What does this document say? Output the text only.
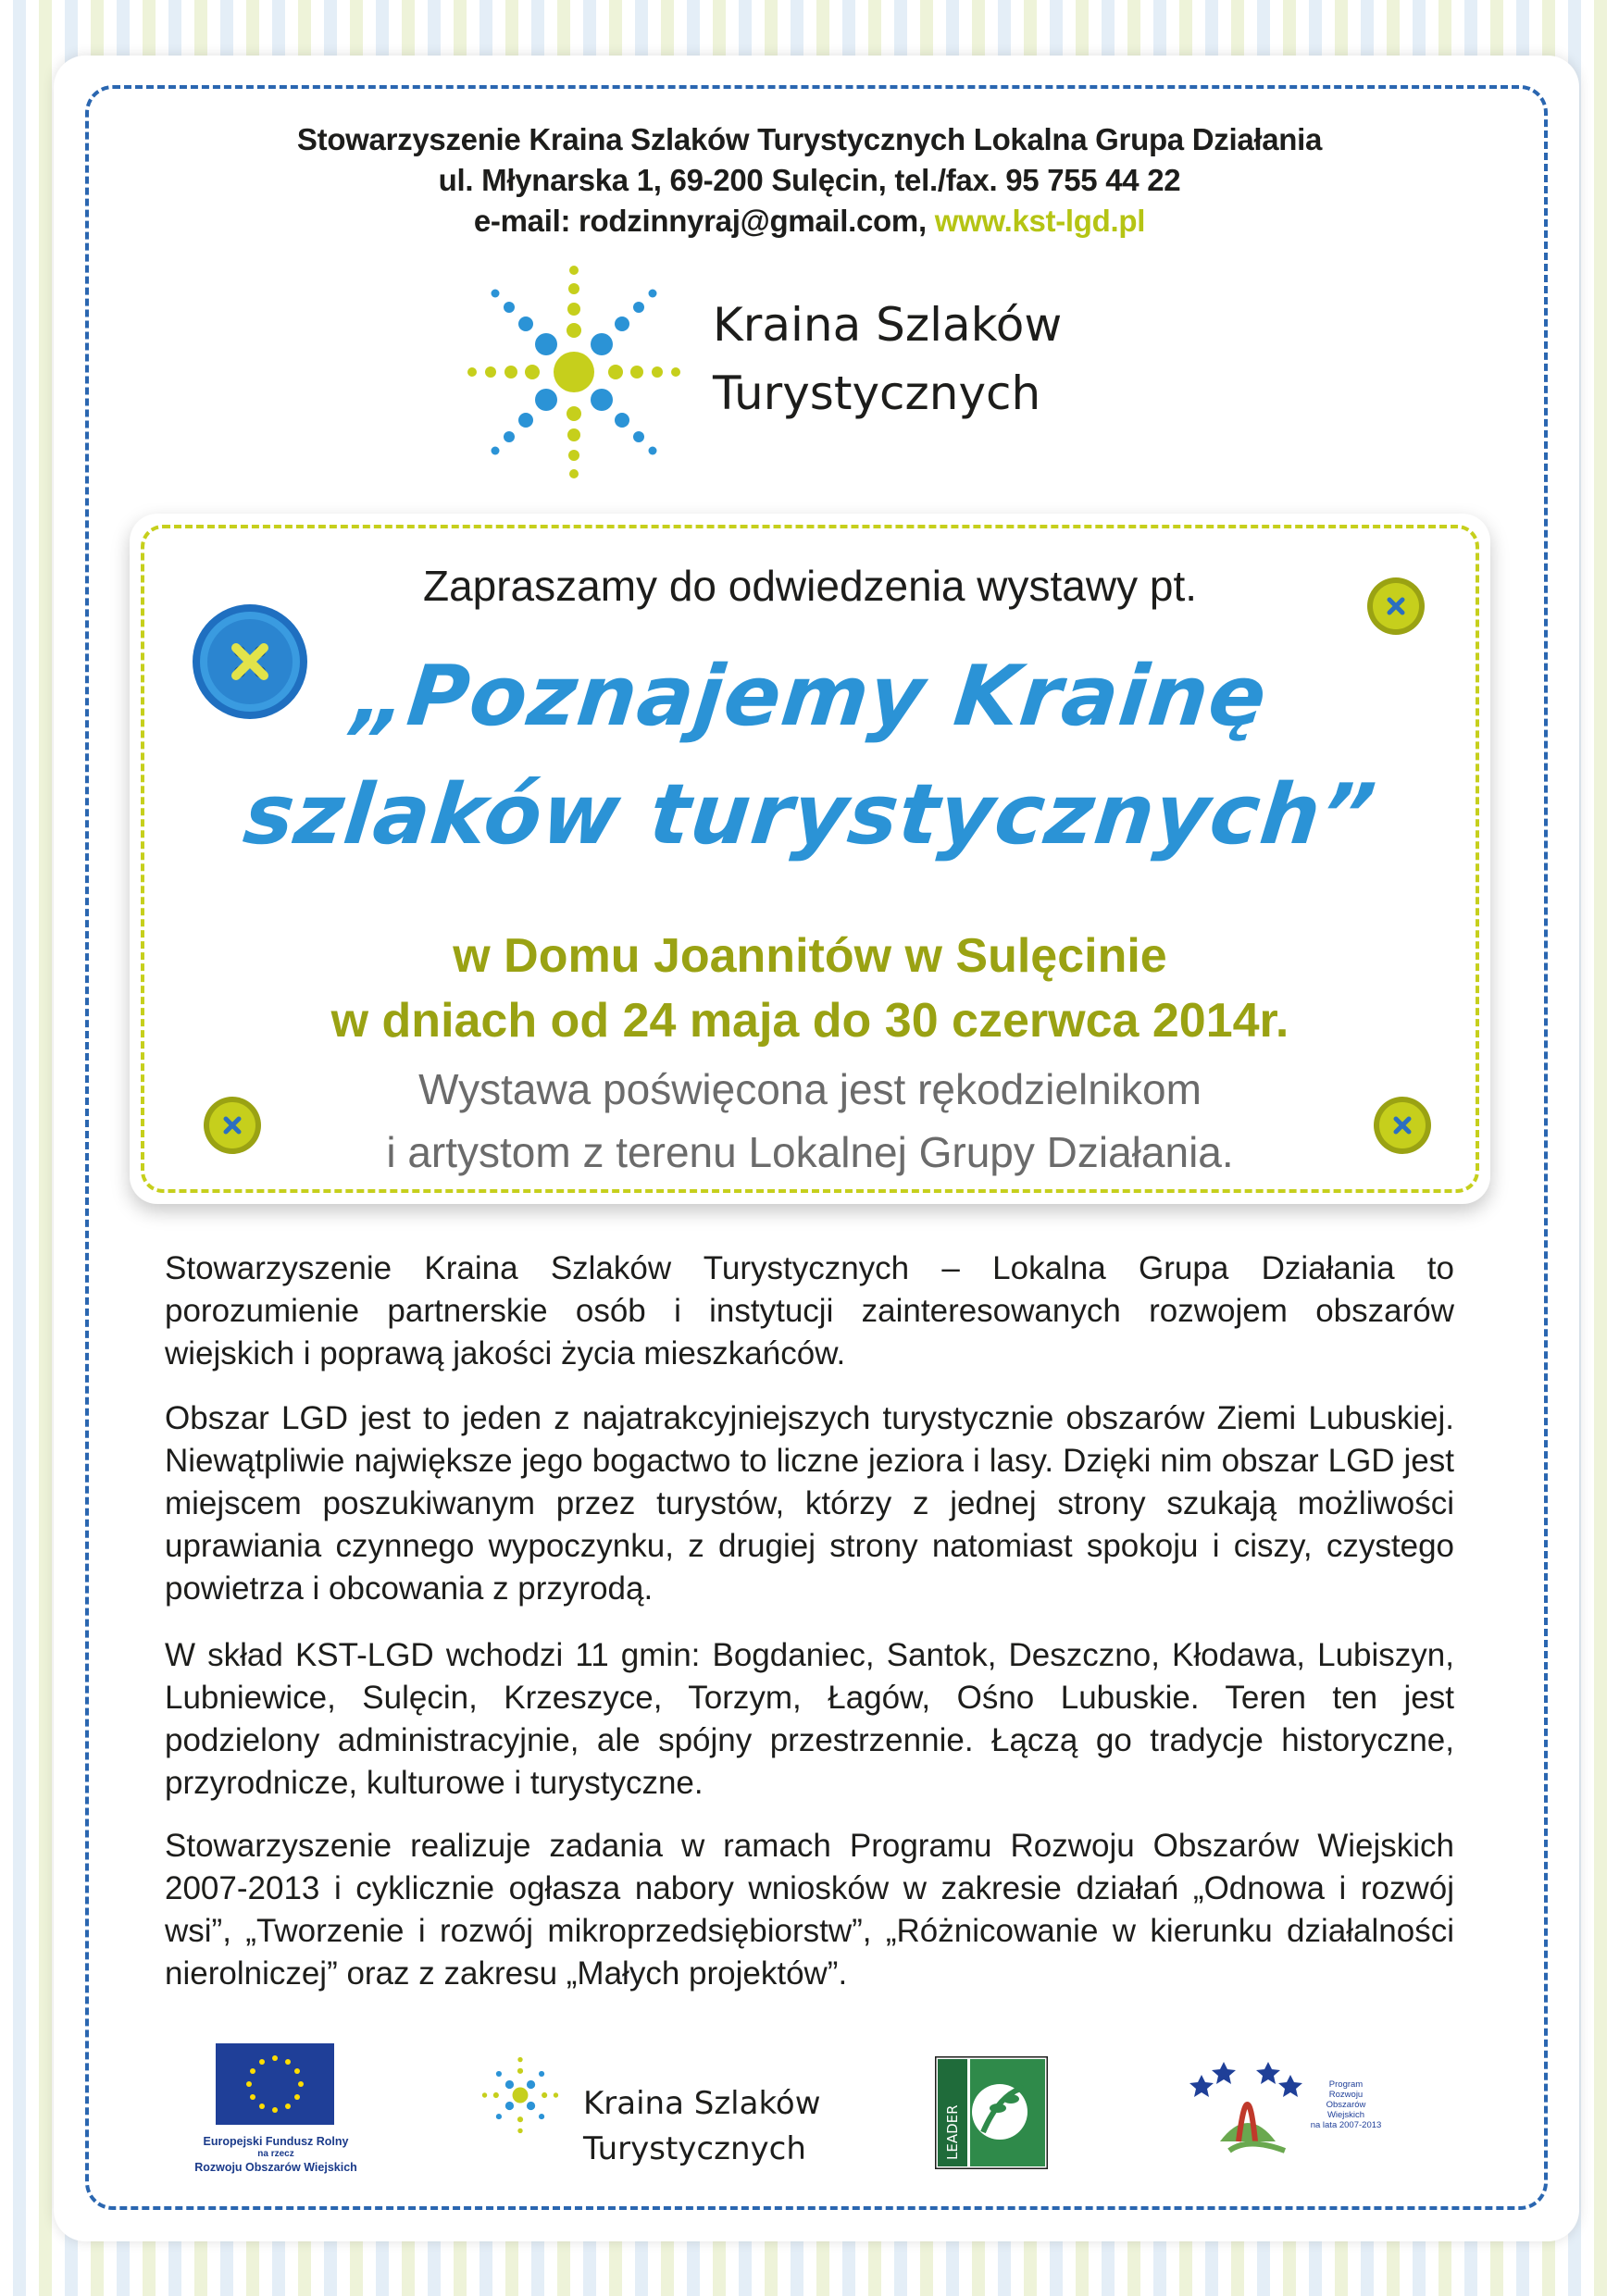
Stowarzyszenie Kraina Szlaków Turystycznych Lokalna Grupa Działania
ul. Młynarska 1, 69-200 Sulęcin, tel./fax. 95 755 44 22
e-mail: rodzinnyraj@gmail.com, www.kst-lgd.pl
Kraina Szlaków
Turystycznych
Zapraszamy do odwiedzenia wystawy pt.
„Poznajemy Krainę
szlaków turystycznych”
w Domu Joannitów w Sulęcinie
w dniach od 24 maja do 30 czerwca 2014r.
Wystawa poświęcona jest rękodzielnikom
i artystom z terenu Lokalnej Grupy Działania.

Stowarzyszenie Kraina Szlaków Turystycznych – Lokalna Grupa Działania to porozumienie partnerskie osób i instytucji zainteresowanych rozwojem obszarów wiejskich i poprawą jakości życia mieszkańców.

Obszar LGD jest to jeden z najatrakcyjniejszych turystycznie obszarów Ziemi Lubuskiej. Niewątpliwie największe jego bogactwo to liczne jeziora i lasy. Dzięki nim obszar LGD jest miejscem poszukiwanym przez turystów, którzy z jednej strony szukają możliwości uprawiania czynnego wypoczynku, z drugiej strony natomiast spokoju i ciszy, czystego powietrza i obcowania z przyrodą.

W skład KST-LGD wchodzi 11 gmin: Bogdaniec, Santok, Deszczno, Kłodawa, Lubiszyn, Lubniewice, Sulęcin, Krzeszyce, Torzym, Łagów, Ośno Lubuskie. Teren ten jest podzielony administracyjnie, ale spójny przestrzennie. Łączą go tradycje historyczne, przyrodnicze, kulturowe i turystyczne.

Stowarzyszenie realizuje zadania w ramach Programu Rozwoju Obszarów Wiejskich 2007-2013 i cyklicznie ogłasza nabory wniosków w zakresie działań „Odnowa i rozwój wsi”, „Tworzenie i rozwój mikroprzedsiębiorstw”, „Różnicowanie w kierunku działalności nierolniczej” oraz z zakresu „Małych projektów”.

Europejski Fundusz Rolny
na rzecz
Rozwoju Obszarów Wiejskich
Kraina Szlaków
Turystycznych	LEADER
Program
Rozwoju
Obszarów
Wiejskich
na lata 2007-2013
